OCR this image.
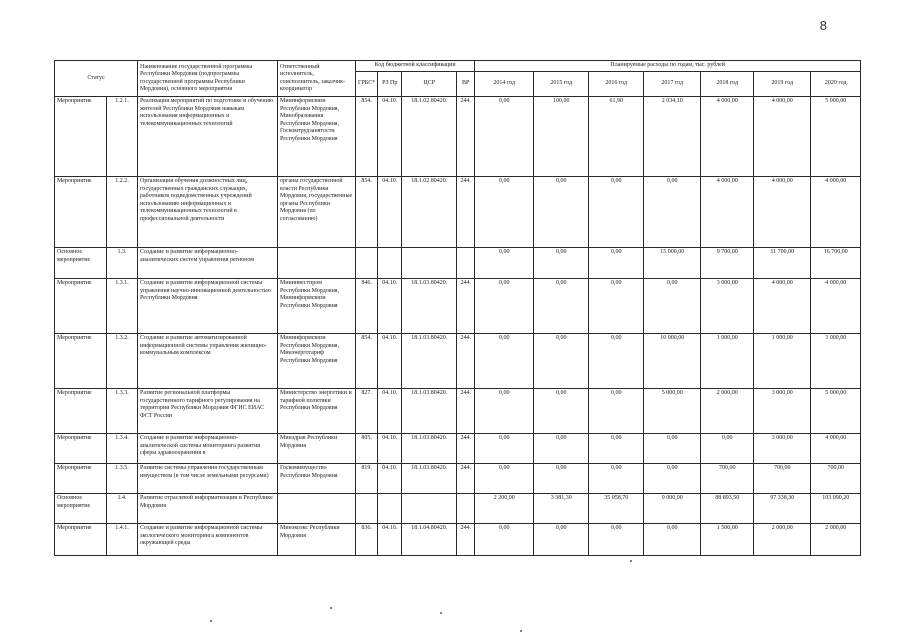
8
Статус		Наименование государственной программы Республики Мордовия (подпрограммы государственной программы Республики Мордовия), основного мероприятия	Ответственный исполнитель, соисполнитель, заказчик-координатор	Код бюджетной классификации				Планируемые расходы по годам, тыс. рублей						
				ГРБС*	РЗ Пр	ЦСР	ВР	2014 год	2015 год	2016 год	2017 год	2018 год	2019 год	2020 год
Мероприятие	1.2.1.	Реализация мероприятий по подготовке и обучению жителей Республики Мордовия навыкам использования информационных и телекоммуникационных технологий	Мининформсвязи Республики Мордовия, Минобразования Республики Мордовия, Госкомтрудзанятости Республики Мордовия	854.	04.10.	18.1.02.80420.	244.	0,00	100,00	61,90	2 034,10	4 000,00	4 000,00	5 000,00
Мероприятие	1.2.2.	Организация обучения должностных лиц, государственных гражданских служащих, работников подведомственных учреждений использованию информационных и телекоммуникационных технологий в профессиональной деятельности	органы государственной власти Республики Мордовия, государственные органы Республики Мордовия (по согласованию)	854.	04.10.	18.1.02.80420.	244.	0,00	0,00	0,00	0,00	4 000,00	4 000,00	4 000,00
Основное мероприятие	1.3.	Создание и развитие информационно-аналитических систем управления регионом						0,00	0,00	0,00	15 000,00	9 700,00	11 700,00	16 700,00
Мероприятие	1.3.1.	Создание и развитие информационной системы управления научно-инновационной деятельностью Республики Мордовия	Мининвестпром Республики Мордовия, Мининформсвязи Республики Мордовия	846.	04.10.	18.1.03.80420.	244.	0,00	0,00	0,00	0,00	3 000,00	4 000,00	4 000,00
Мероприятие	1.3.2.	Создание и развитие автоматизированной информационной системы управления жилищно-коммунальным комплексом	Мининформсвязи Республики Мордовия, Минэнерготариф Республики Мордовия	854.	04.10.	18.1.03.80420.	244.	0,00	0,00	0,00	10 000,00	1 000,00	1 000,00	3 000,00
Мероприятие	1.3.3.	Развитие региональной платформы государственного тарифного регулирования на территории Республики Мордовия ФГИС ЕИАС ФСТ России	Министерство энергетики и тарифной политики Республики Мордовия	827.	04.10.	18.1.03.80420.	244.	0,00	0,00	0,00	5 000,00	2 000,00	3 000,00	5 000,00
Мероприятие	1.3.4.	Создание и развитие информационно-аналитической системы мониторинга развития сферы здравоохранения в	Минздрав Республики Мордовия	805.	04.10.	18.1.03.80420.	244.	0,00	0,00	0,00	0,00	0,00	3 000,00	4 000,00
Мероприятие	1.3.5.	Развитие системы управления государственным имуществом (в том числе земельными ресурсами)	Госкомимущество Республики Мордовия	819.	04.10.	18.1.03.80420.	244.	0,00	0,00	0,00	0,00	700,00	700,00	700,00
Основное мероприятие	1.4.	Развитие отраслевой информатизации в Республике Мордовия						2 200,00	3 381,30	35 058,70	9 000,00	88 893,50	97 338,30	103 090,20
Мероприятие	1.4.1.	Создание и развитие информационной системы экологического мониторинга компонентов окружающей среды	Минэкоэкс Республики Мордовия	836.	04.10.	18.1.04.80420.	244.	0,00	0,00	0,00	0,00	1 500,00	2 000,00	2 000,00
